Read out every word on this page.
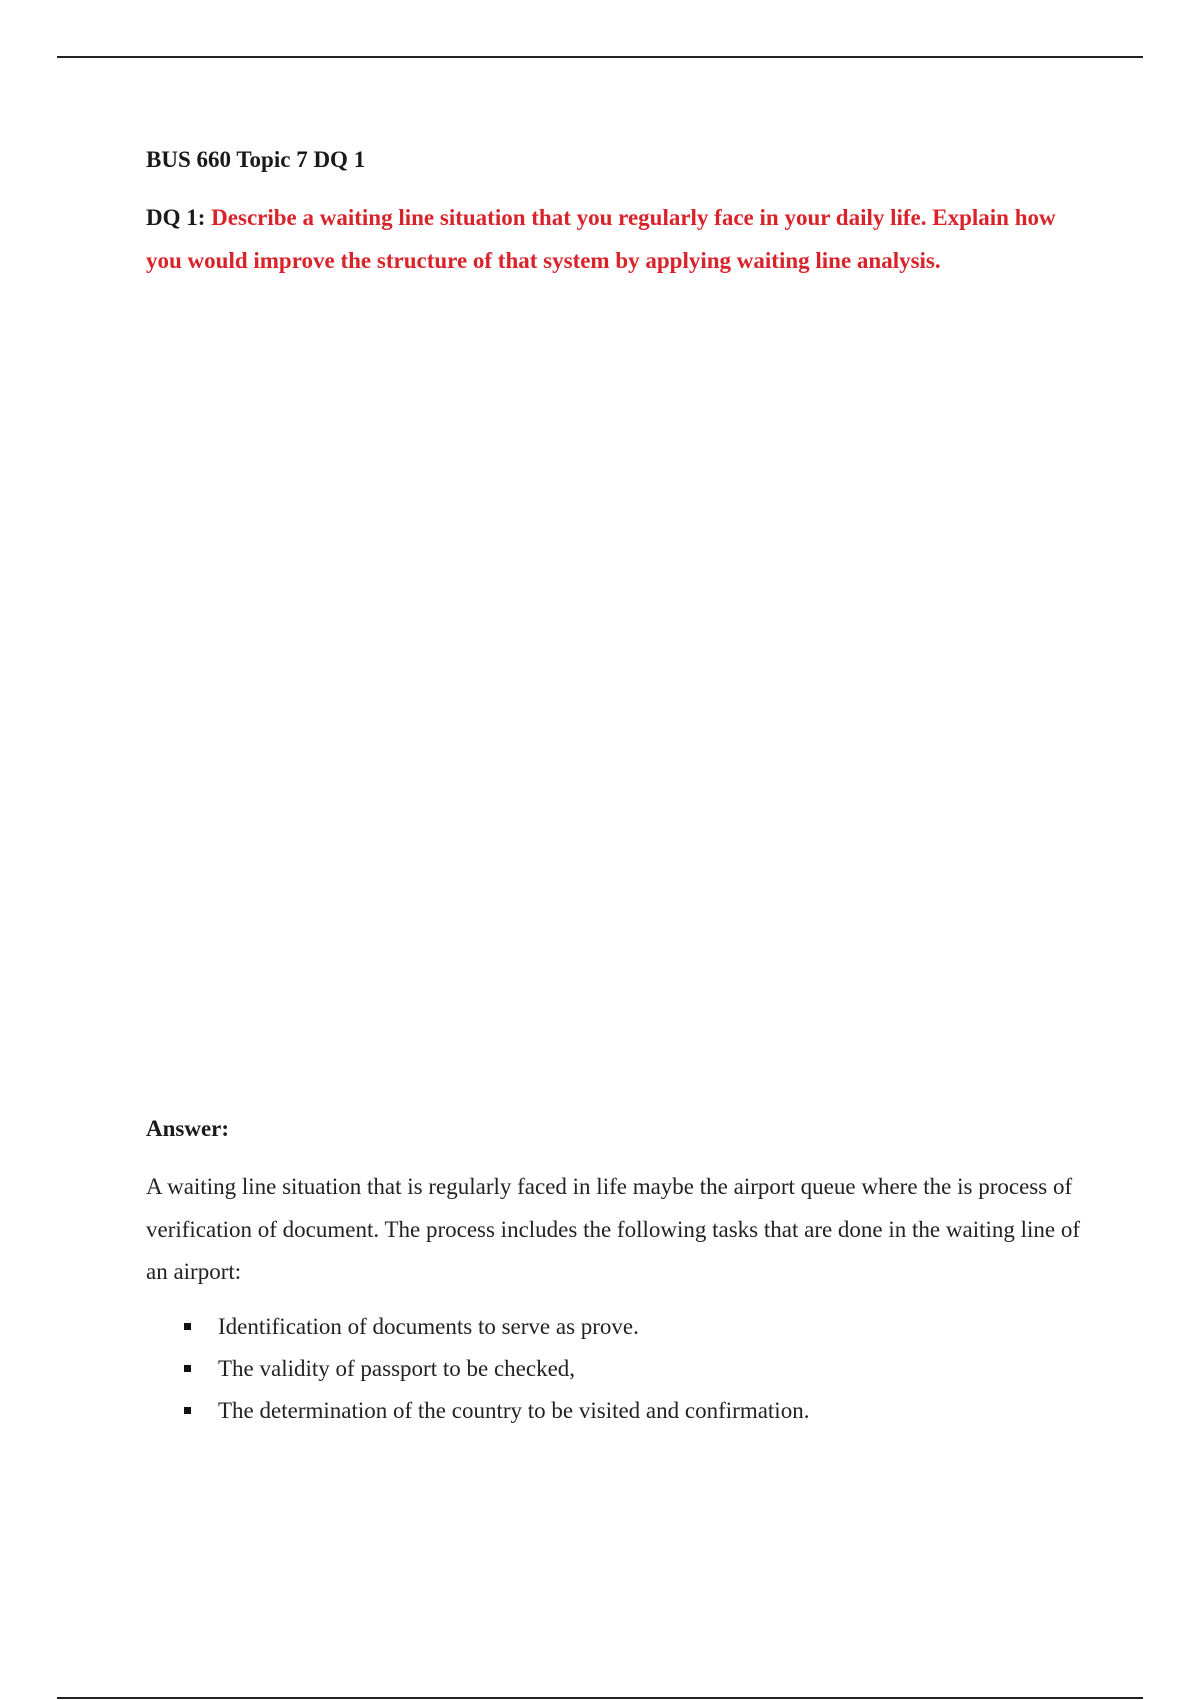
BUS 660 Topic 7 DQ 1

DQ 1: Describe a waiting line situation that you regularly face in your daily life. Explain how you would improve the structure of that system by applying waiting line analysis.

Answer:

A waiting line situation that is regularly faced in life maybe the airport queue where the is process of verification of document. The process includes the following tasks that are done in the waiting line of an airport:

Identification of documents to serve as prove.
The validity of passport to be checked,
The determination of the country to be visited and confirmation.
